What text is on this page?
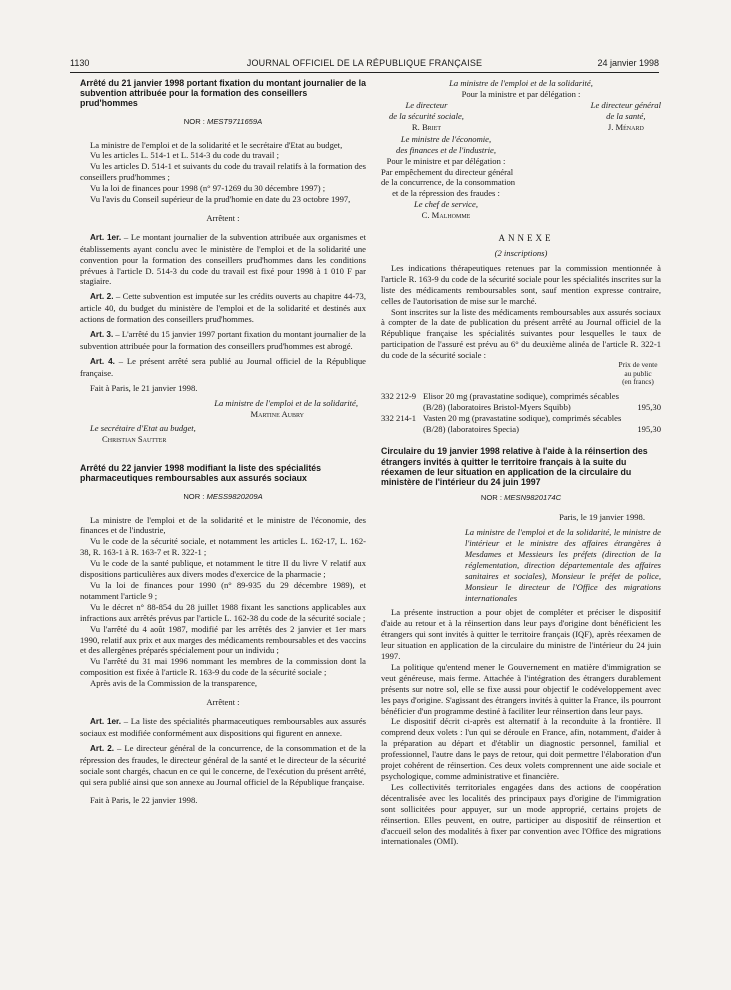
1130	JOURNAL OFFICIEL DE LA RÉPUBLIQUE FRANÇAISE	24 janvier 1998
Arrêté du 21 janvier 1998 portant fixation du montant journalier de la subvention attribuée pour la formation des conseillers prud'hommes
NOR : MEST9711659A

La ministre de l'emploi et de la solidarité et le secrétaire d'Etat au budget,

Vu les articles L. 514-1 et L. 514-3 du code du travail ;

Vu les articles D. 514-1 et suivants du code du travail relatifs à la formation des conseillers prud'hommes ;

Vu la loi de finances pour 1998 (n° 97-1269 du 30 décembre 1997) ;

Vu l'avis du Conseil supérieur de la prud'homie en date du 23 octobre 1997,

Arrêtent :

Art. 1er. – Le montant journalier de la subvention attribuée aux organismes et établissements ayant conclu avec le ministère de l'emploi et de la solidarité une convention pour la formation des conseillers prud'hommes dans les conditions prévues à l'article D. 514-3 du code du travail est fixé pour 1998 à 1 010 F par stagiaire.

Art. 2. – Cette subvention est imputée sur les crédits ouverts au chapitre 44-73, article 40, du budget du ministère de l'emploi et de la solidarité et destinés aux actions de formation des conseillers prud'hommes.

Art. 3. – L'arrêté du 15 janvier 1997 portant fixation du montant journalier de la subvention attribuée pour la formation des conseillers prud'hommes est abrogé.

Art. 4. – Le présent arrêté sera publié au Journal officiel de la République française.

Fait à Paris, le 21 janvier 1998.

La ministre de l'emploi et de la solidarité,

Martine Aubry

Le secrétaire d'Etat au budget,

Christian Sautter

Arrêté du 22 janvier 1998 modifiant la liste des spécialités pharmaceutiques remboursables aux assurés sociaux
NOR : MESS9820209A

La ministre de l'emploi et de la solidarité et le ministre de l'économie, des finances et de l'industrie,

Vu le code de la sécurité sociale, et notamment les articles L. 162-17, L. 162-38, R. 163-1 à R. 163-7 et R. 322-1 ;

Vu le code de la santé publique, et notamment le titre II du livre V relatif aux dispositions particulières aux divers modes d'exercice de la pharmacie ;

Vu la loi de finances pour 1990 (n° 89-935 du 29 décembre 1989), et notamment l'article 9 ;

Vu le décret n° 88-854 du 28 juillet 1988 fixant les sanctions applicables aux infractions aux arrêtés prévus par l'article L. 162-38 du code de la sécurité sociale ;

Vu l'arrêté du 4 août 1987, modifié par les arrêtés des 2 janvier et 1er mars 1990, relatif aux prix et aux marges des médicaments remboursables et des vaccins et des allergènes préparés spécialement pour un individu ;

Vu l'arrêté du 31 mai 1996 nommant les membres de la commission dont la composition est fixée à l'article R. 163-9 du code de la sécurité sociale ;

Après avis de la Commission de la transparence,

Arrêtent :

Art. 1er. – La liste des spécialités pharmaceutiques remboursables aux assurés sociaux est modifiée conformément aux dispositions qui figurent en annexe.

Art. 2. – Le directeur général de la concurrence, de la consommation et de la répression des fraudes, le directeur général de la santé et le directeur de la sécurité sociale sont chargés, chacun en ce qui le concerne, de l'exécution du présent arrêté, qui sera publié ainsi que son annexe au Journal officiel de la République française.

Fait à Paris, le 22 janvier 1998.

La ministre de l'emploi et de la solidarité,

Pour la ministre et par délégation :

Le directeur
de la sécurité sociale,
R. Briet
Le directeur général
de la santé,
J. Ménard
Le ministre de l'économie,
des finances et de l'industrie,
Pour le ministre et par délégation :
Par empêchement du directeur général
de la concurrence, de la consommation
et de la répression des fraudes :
Le chef de service,
C. Malhomme

ANNEXE

(2 inscriptions)

Les indications thérapeutiques retenues par la commission mentionnée à l'article R. 163-9 du code de la sécurité sociale pour les spécialités inscrites sur la liste des médicaments remboursables sont, sauf mention expresse contraire, celles de l'autorisation de mise sur le marché.

Sont inscrites sur la liste des médicaments remboursables aux assurés sociaux à compter de la date de publication du présent arrêté au Journal officiel de la République française les spécialités suivantes pour lesquelles le taux de participation de l'assuré est prévu au 6° du deuxième alinéa de l'article R. 322-1 du code de la sécurité sociale :

Prix de vente
au public
(en francs)
332 212-9 Elisor 20 mg (pravastatine sodique), comprimés sécables (B/28) (laboratoires Bristol-Myers Squibb)	195,30
332 214-1 Vasten 20 mg (pravastatine sodique), comprimés sécables (B/28) (laboratoires Specia)	195,30
Circulaire du 19 janvier 1998 relative à l'aide à la réinsertion des étrangers invités à quitter le territoire français à la suite du réexamen de leur situation en application de la circulaire du ministère de l'intérieur du 24 juin 1997
NOR : MESN9820174C

Paris, le 19 janvier 1998.

La ministre de l'emploi et de la solidarité, le ministre de l'intérieur et le ministre des affaires étrangères à Mesdames et Messieurs les préfets (direction de la réglementation, direction départementale des affaires sanitaires et sociales), Monsieur le préfet de police, Monsieur le directeur de l'Office des migrations internationales

La présente instruction a pour objet de compléter et préciser le dispositif d'aide au retour et à la réinsertion dans leur pays d'origine dont bénéficient les étrangers qui sont invités à quitter le territoire français (IQF), après réexamen de leur situation en application de la circulaire du ministre de l'intérieur du 24 juin 1997.

La politique qu'entend mener le Gouvernement en matière d'immigration se veut généreuse, mais ferme. Attachée à l'intégration des étrangers durablement présents sur notre sol, elle se fixe aussi pour objectif le codéveloppement avec les pays d'origine. S'agissant des étrangers invités à quitter la France, ils pourront bénéficier d'un programme destiné à faciliter leur réinsertion dans leur pays.

Le dispositif décrit ci-après est alternatif à la reconduite à la frontière. Il comprend deux volets : l'un qui se déroule en France, afin, notamment, d'aider à la préparation au départ et d'établir un diagnostic personnel, familial et professionnel, l'autre dans le pays de retour, qui doit permettre l'élaboration d'un projet cohérent de réinsertion. Ces deux volets comprennent une aide sociale et psychologique, comme administrative et financière.

Les collectivités territoriales engagées dans des actions de coopération décentralisée avec les localités des principaux pays d'origine de l'immigration sont sollicitées pour appuyer, sur un mode approprié, certains projets de réinsertion. Elles peuvent, en outre, participer au dispositif de réinsertion et d'accueil selon des modalités à fixer par convention avec l'Office des migrations internationales (OMI).
